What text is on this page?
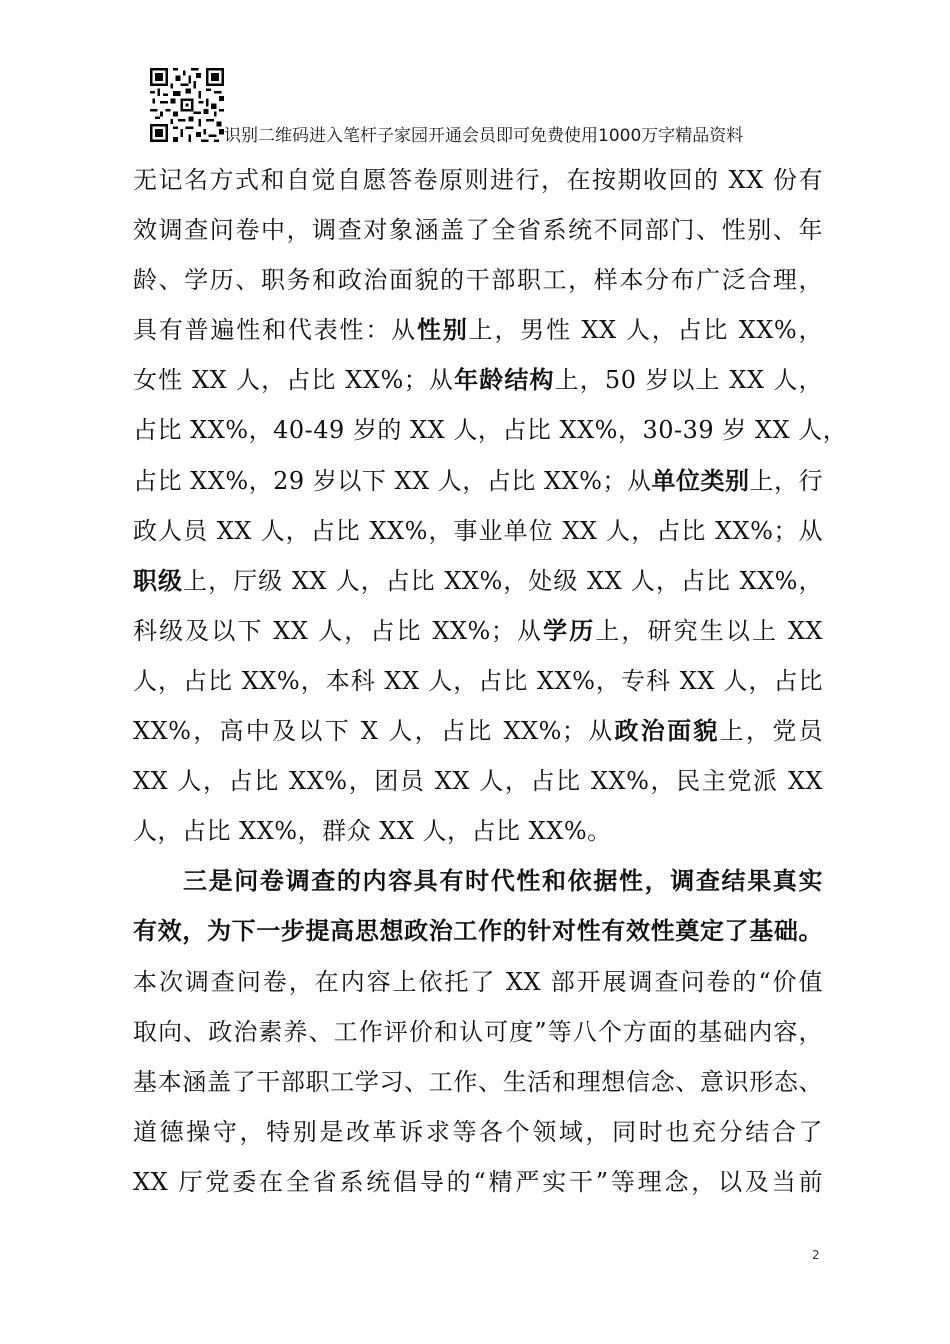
识别二维码进入笔杆子家园开通会员即可免费使用1000万字精品资料
无记名方式和自觉自愿答卷原则进行，在按期收回的 XX 份有
效调查问卷中，调查对象涵盖了全省系统不同部门、性别、年
龄、学历、职务和政治面貌的干部职工，样本分布广泛合理，
具有普遍性和代表性：从性别上，男性 XX 人，占比 XX%，
女性 XX 人，占比 XX%；从年龄结构上，50 岁以上 XX 人，
占比 XX%，40-49 岁的 XX 人，占比 XX%，30-39 岁 XX 人，
占比 XX%，29 岁以下 XX 人，占比 XX%；从单位类别上，行
政人员 XX 人，占比 XX%，事业单位 XX 人，占比 XX%；从
职级上，厅级 XX 人，占比 XX%，处级 XX 人，占比 XX%，
科级及以下 XX 人，占比 XX%；从学历上，研究生以上 XX
人，占比 XX%，本科 XX 人，占比 XX%，专科 XX 人，占比
XX%，高中及以下 X 人，占比 XX%；从政治面貌上，党员
XX 人，占比 XX%，团员 XX 人，占比 XX%，民主党派 XX
人，占比 XX%，群众 XX 人，占比 XX%。
三是问卷调查的内容具有时代性和依据性，调查结果真实
有效，为下一步提高思想政治工作的针对性有效性奠定了基础。
本次调查问卷，在内容上依托了 XX 部开展调查问卷的“价值
取向、政治素养、工作评价和认可度”等八个方面的基础内容，
基本涵盖了干部职工学习、工作、生活和理想信念、意识形态、
道德操守，特别是改革诉求等各个领域，同时也充分结合了
XX 厅党委在全省系统倡导的“精严实干”等理念，以及当前
2
